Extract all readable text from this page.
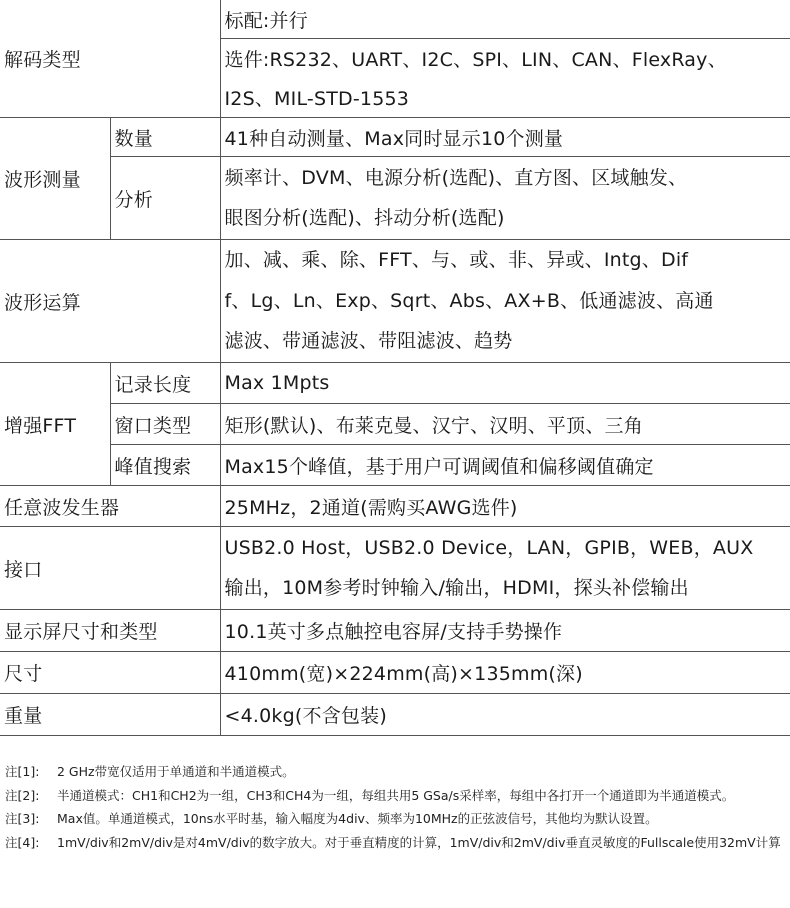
解码类型		标配:并行
		选件:RS232、UART、I2C、SPI、LIN、CAN、FlexRay、
		I2S、MIL-STD-1553
波形测量	数量	41种自动测量、Max同时显示10个测量
	分析	频率计、DVM、电源分析(选配)、直方图、区域触发、
眼图分析(选配)、抖动分析(选配)

波形运算		加、减、乘、除、FFT、与、或、非、异或、Intg、Dif
f、Lg、Ln、Exp、Sqrt、Abs、AX+B、低通滤波、高通
滤波、带通滤波、带阻滤波、趋势

增强FFT	记录长度	Max 1Mpts
	窗口类型	矩形(默认)、布莱克曼、汉宁、汉明、平顶、三角
	峰值搜索	Max15个峰值，基于用户可调阈值和偏移阈值确定
任意波发生器		25MHz，2通道(需购买AWG选件)
接口		USB2.0 Host，USB2.0 Device，LAN，GPIB，WEB，AUX
输出，10M参考时钟输入/输出，HDMI，探头补偿输出

显示屏尺寸和类型		10.1英寸多点触控电容屏/支持手势操作
尺寸		410mm(宽)×224mm(高)×135mm(深)
重量		<4.0kg(不含包装)
注[1]:	2 GHz带宽仅适用于单通道和半通道模式。
注[2]:	半通道模式：CH1和CH2为一组，CH3和CH4为一组，每组共用5 GSa/s采样率，每组中各打开一个通道即为半通道模式。
注[3]:	Max值。单通道模式，10ns水平时基，输入幅度为4div、频率为10MHz的正弦波信号，其他均为默认设置。
注[4]:	1mV/div和2mV/div是对4mV/div的数字放大。对于垂直精度的计算，1mV/div和2mV/div垂直灵敏度的Fullscale使用32mV计算
